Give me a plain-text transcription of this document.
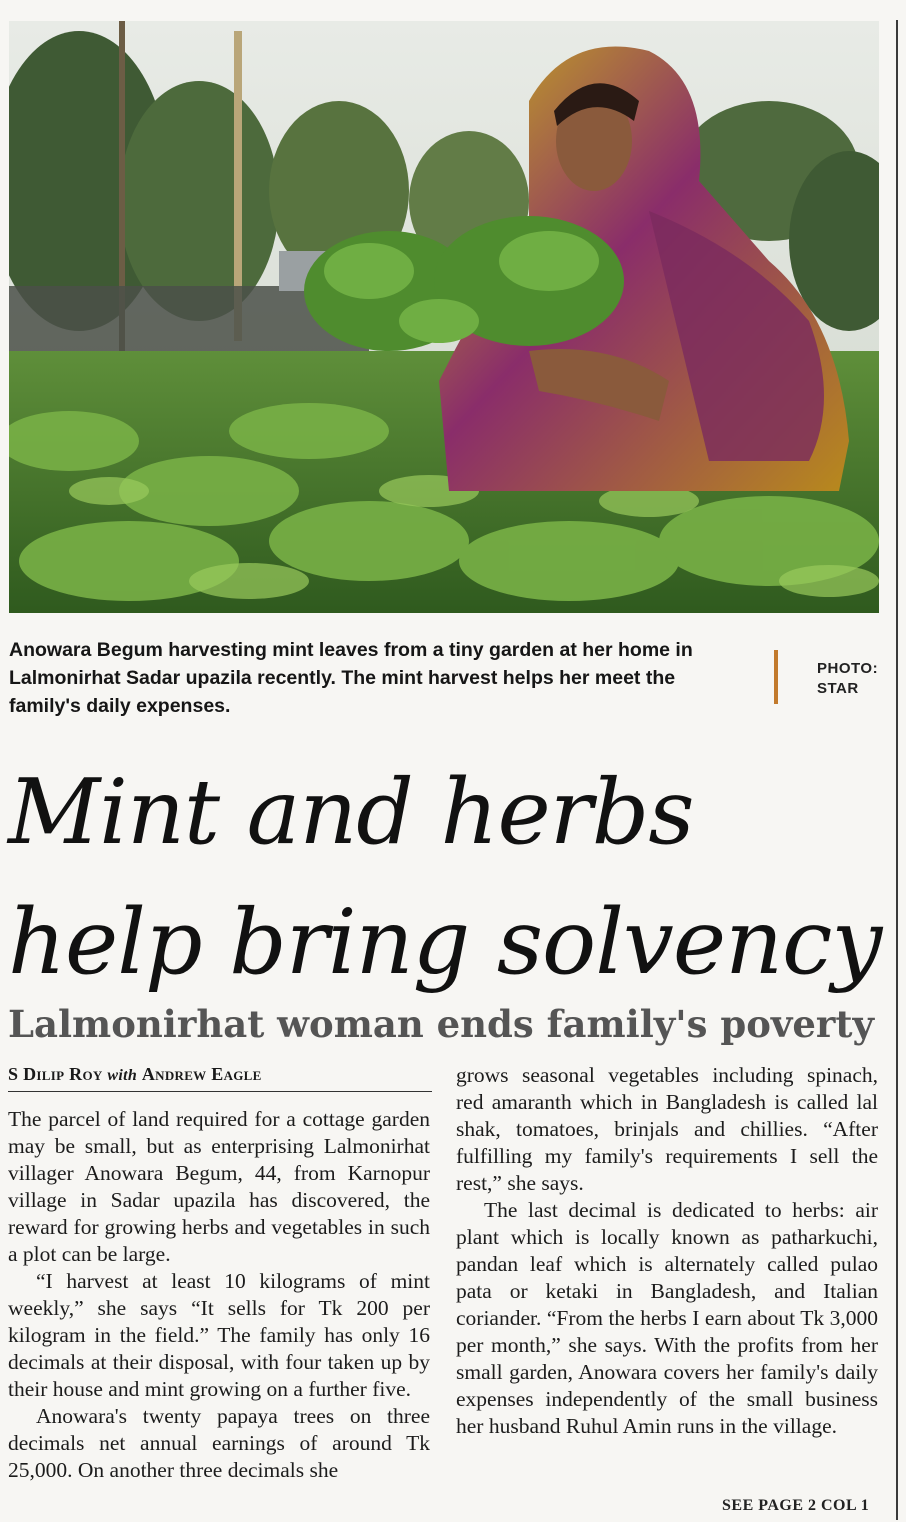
Anowara Begum harvesting mint leaves from a tiny garden at her home in Lalmonirhat Sadar upazila recently. The mint harvest helps her meet the family's daily expenses.
PHOTO:
STAR
Mint and herbs help bring solvency
Lalmonirhat woman ends family's poverty
S Dilip Roy with Andrew Eagle

The parcel of land required for a cottage garden may be small, but as enterprising Lalmonirhat villager Anowara Begum, 44, from Karnopur village in Sadar upazila has discovered, the reward for growing herbs and vegetables in such a plot can be large.

“I harvest at least 10 kilograms of mint weekly,” she says “It sells for Tk 200 per kilogram in the field.” The family has only 16 decimals at their disposal, with four taken up by their house and mint growing on a further five.

Anowara's twenty papaya trees on three decimals net annual earnings of around Tk 25,000. On another three decimals she

grows seasonal vegetables including spinach, red amaranth which in Bangladesh is called lal shak, tomatoes, brinjals and chillies. “After fulfilling my family's requirements I sell the rest,” she says.

The last decimal is dedicated to herbs: air plant which is locally known as patharkuchi, pandan leaf which is alternately called pulao pata or ketaki in Bangladesh, and Italian coriander. “From the herbs I earn about Tk 3,000 per month,” she says. With the profits from her small garden, Anowara covers her family's daily expenses independently of the small business her husband Ruhul Amin runs in the village.

SEE PAGE 2 COL 1
